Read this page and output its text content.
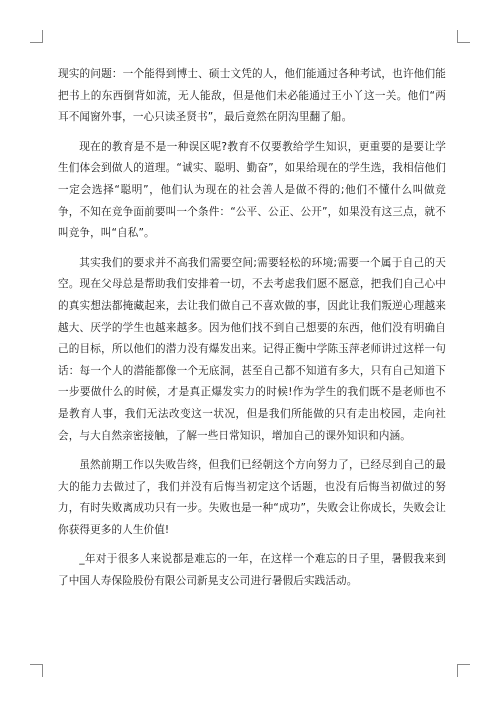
现实的问题：一个能得到博士、硕士文凭的人，他们能通过各种考试，也许他们能把书上的东西倒背如流，无人能敌，但是他们未必能通过王小丫这一关。他们“两耳不闻窗外事，一心只读圣贤书”，最后竟然在阴沟里翻了船。

现在的教育是不是一种误区呢?教育不仅要教给学生知识，更重要的是要让学生们体会到做人的道理。“诚实、聪明、勤奋”，如果给现在的学生选，我相信他们一定会选择“聪明”，他们认为现在的社会善人是做不得的;他们不懂什么叫做竞争，不知在竞争面前要叫一个条件：“公平、公正、公开”，如果没有这三点，就不叫竞争，叫“自私”。

其实我们的要求并不高我们需要空间;需要轻松的环境;需要一个属于自己的天空。现在父母总是帮助我们安排着一切，不去考虑我们愿不愿意，把我们自己心中的真实想法都掩藏起来，去让我们做自己不喜欢做的事，因此让我们叛逆心理越来越大、厌学的学生也越来越多。因为他们找不到自己想要的东西，他们没有明确自己的目标，所以他们的潜力没有爆发出来。记得正衡中学陈玉萍老师讲过这样一句话：每一个人的潜能都像一个无底洞，甚至自己都不知道有多大，只有自己知道下一步要做什么的时候，才是真正爆发实力的时候!作为学生的我们既不是老师也不是教育人事，我们无法改变这一状况，但是我们所能做的只有走出校园，走向社会，与大自然亲密接触，了解一些日常知识，增加自己的课外知识和内涵。

虽然前期工作以失败告终，但我们已经朝这个方向努力了，已经尽到自己的最大的能力去做过了，我们并没有后悔当初定这个话题，也没有后悔当初做过的努力，有时失败离成功只有一步。失败也是一种“成功”，失败会让你成长，失败会让你获得更多的人生价值!

_年对于很多人来说都是难忘的一年，在这样一个难忘的日子里，暑假我来到了中国人寿保险股份有限公司新晃支公司进行暑假后实践活动。
